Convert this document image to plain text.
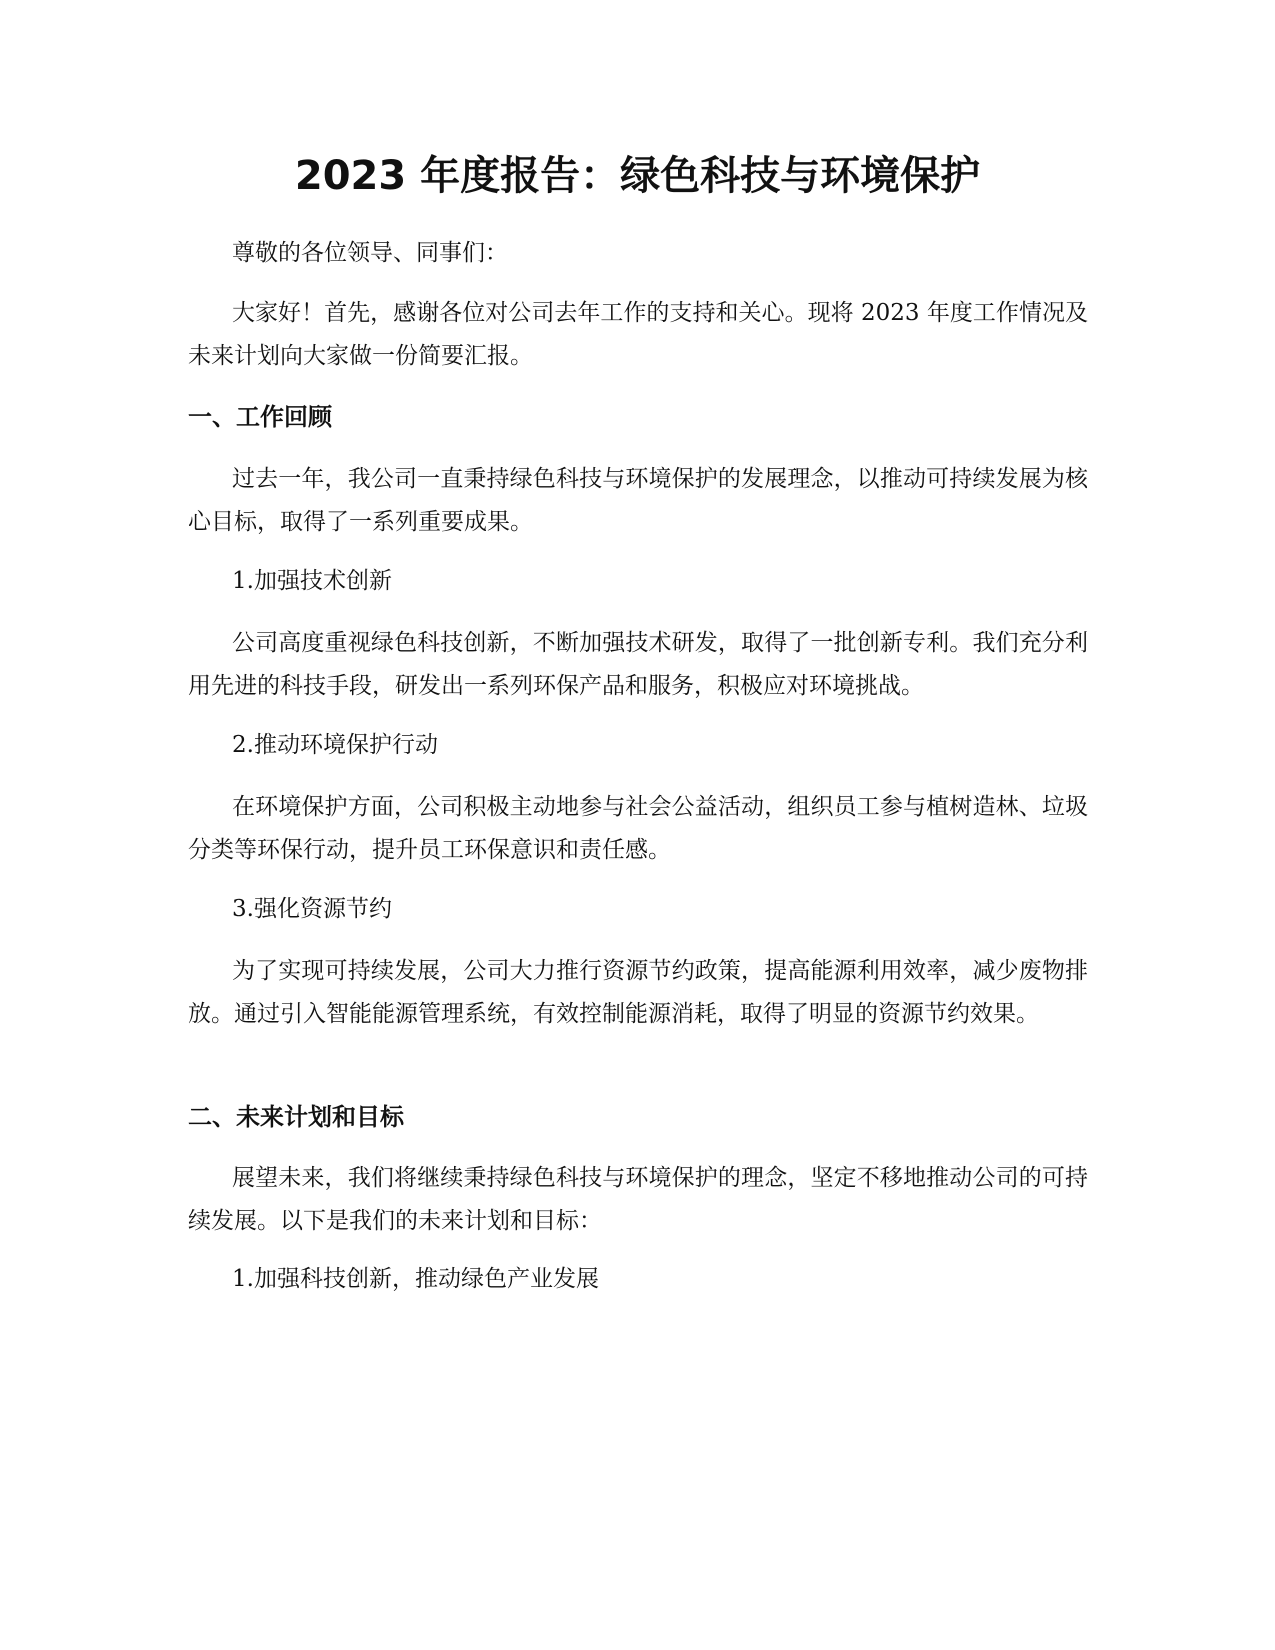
2023 年度报告：绿色科技与环境保护

尊敬的各位领导、同事们：

大家好！首先，感谢各位对公司去年工作的支持和关心。现将 2023 年度工作情况及未来计划向大家做一份简要汇报。

一、工作回顾

过去一年，我公司一直秉持绿色科技与环境保护的发展理念，以推动可持续发展为核心目标，取得了一系列重要成果。

1.加强技术创新

公司高度重视绿色科技创新，不断加强技术研发，取得了一批创新专利。我们充分利用先进的科技手段，研发出一系列环保产品和服务，积极应对环境挑战。

2.推动环境保护行动

在环境保护方面，公司积极主动地参与社会公益活动，组织员工参与植树造林、垃圾分类等环保行动，提升员工环保意识和责任感。

3.强化资源节约

为了实现可持续发展，公司大力推行资源节约政策，提高能源利用效率，减少废物排放。通过引入智能能源管理系统，有效控制能源消耗，取得了明显的资源节约效果。

二、未来计划和目标

展望未来，我们将继续秉持绿色科技与环境保护的理念，坚定不移地推动公司的可持续发展。以下是我们的未来计划和目标：

1.加强科技创新，推动绿色产业发展
